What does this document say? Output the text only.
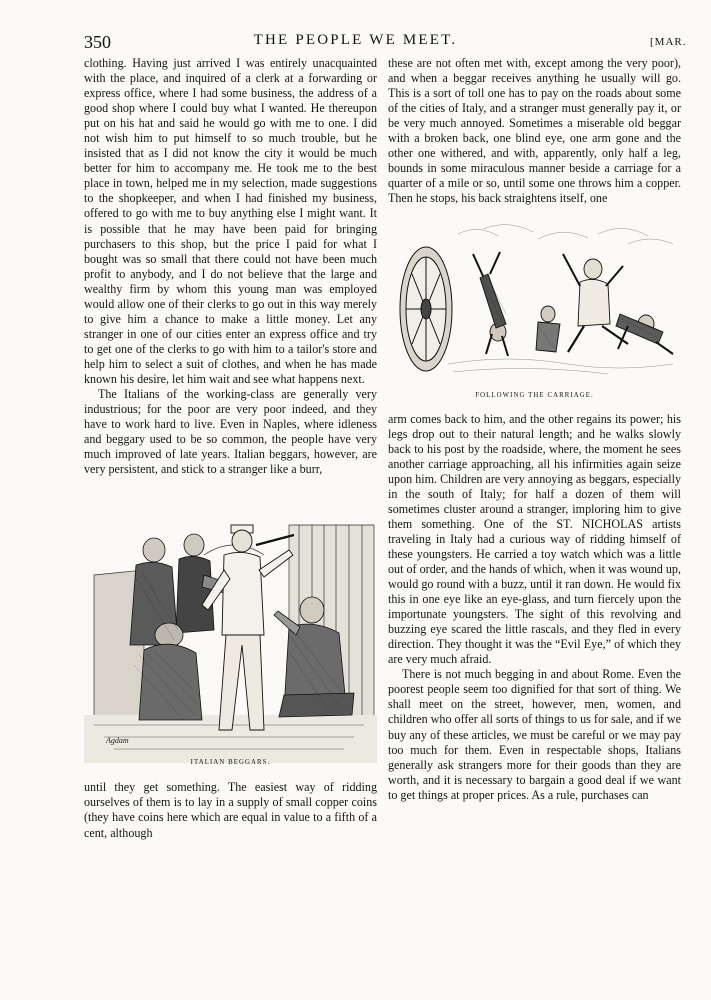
350	THE PEOPLE WE MEET.	[MAR.

clothing. Having just arrived I was entirely unacquainted with the place, and inquired of a clerk at a forwarding or express office, where I had some business, the address of a good shop where I could buy what I wanted. He thereupon put on his hat and said he would go with me to one. I did not wish him to put himself to so much trouble, but he insisted that as I did not know the city it would be much better for him to accompany me. He took me to the best place in town, helped me in my selection, made suggestions to the shopkeeper, and when I had finished my business, offered to go with me to buy anything else I might want. It is possible that he may have been paid for bringing purchasers to this shop, but the price I paid for what I bought was so small that there could not have been much profit to anybody, and I do not believe that the large and wealthy firm by whom this young man was employed would allow one of their clerks to go out in this way merely to give him a chance to make a little money. Let any stranger in one of our cities enter an express office and try to get one of the clerks to go with him to a tailor's store and help him to select a suit of clothes, and when he has made known his desire, let him wait and see what happens next.

The Italians of the working-class are generally very industrious; for the poor are very poor indeed, and they have to work hard to live. Even in Naples, where idleness and beggary used to be so common, the people have very much improved of late years. Italian beggars, however, are very persistent, and stick to a stranger like a burr,

Agdam
ITALIAN BEGGARS.

until they get something. The easiest way of ridding ourselves of them is to lay in a supply of small copper coins (they have coins here which are equal in value to a fifth of a cent, although

these are not often met with, except among the very poor), and when a beggar receives anything he usually will go. This is a sort of toll one has to pay on the roads about some of the cities of Italy, and a stranger must generally pay it, or be very much annoyed. Sometimes a miserable old beggar with a broken back, one blind eye, one arm gone and the other one withered, and with, apparently, only half a leg, bounds in some miraculous manner beside a carriage for a quarter of a mile or so, until some one throws him a copper. Then he stops, his back straightens itself, one

FOLLOWING THE CARRIAGE.

arm comes back to him, and the other regains its power; his legs drop out to their natural length; and he walks slowly back to his post by the roadside, where, the moment he sees another carriage approaching, all his infirmities again seize upon him. Children are very annoying as beggars, especially in the south of Italy; for half a dozen of them will sometimes cluster around a stranger, imploring him to give them something. One of the ST. NICHOLAS artists traveling in Italy had a curious way of ridding himself of these youngsters. He carried a toy watch which was a little out of order, and the hands of which, when it was wound up, would go round with a buzz, until it ran down. He would fix this in one eye like an eye-glass, and turn fiercely upon the importunate youngsters. The sight of this revolving and buzzing eye scared the little rascals, and they fled in every direction. They thought it was the “Evil Eye,” of which they are very much afraid.

There is not much begging in and about Rome. Even the poorest people seem too dignified for that sort of thing. We shall meet on the street, however, men, women, and children who offer all sorts of things to us for sale, and if we buy any of these articles, we must be careful or we may pay too much for them. Even in respectable shops, Italians generally ask strangers more for their goods than they are worth, and it is necessary to bargain a good deal if we want to get things at proper prices. As a rule, purchases can
